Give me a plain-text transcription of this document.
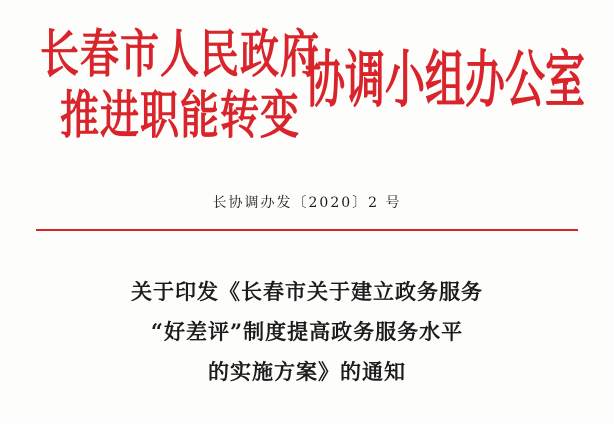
长春市人民政府
推进职能转变 协调小组办公室
长协调办发〔2020〕2 号
关于印发《长春市关于建立政务服务
“好差评”制度提高政务服务水平
的实施方案》的通知
